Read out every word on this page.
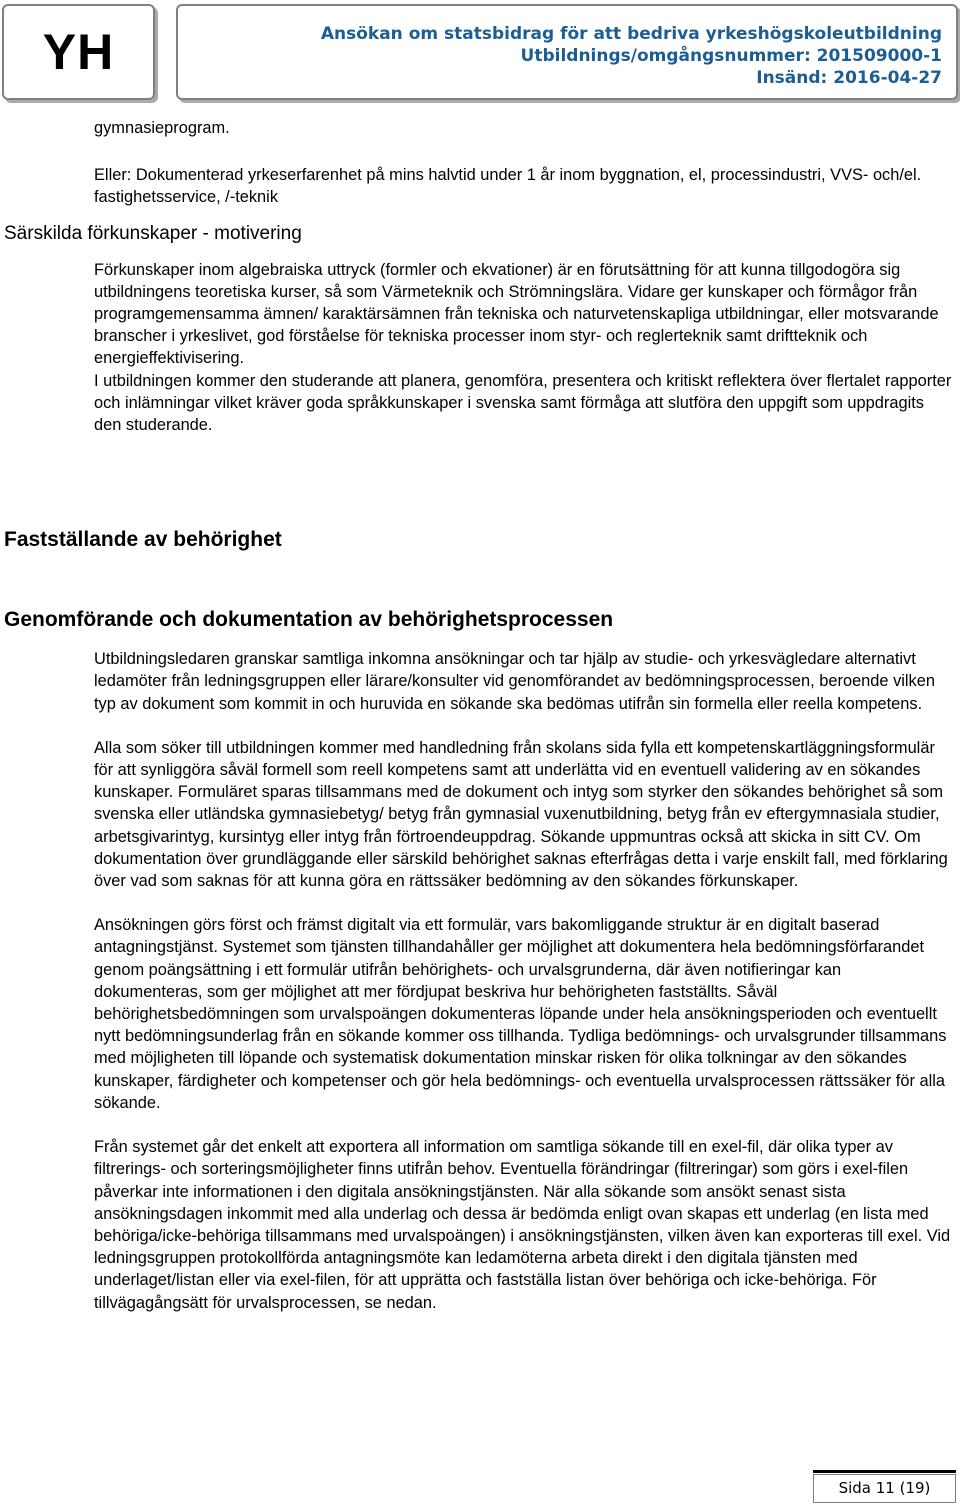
YH	Ansökan om statsbidrag för att bedriva yrkeshögskoleutbildning
Utbildnings/omgångsnummer: 201509000-1
Insänd: 2016-04-27

gymnasieprogram.

Eller: Dokumenterad yrkeserfarenhet på mins halvtid under 1 år inom byggnation, el, processindustri, VVS- och/el. fastighetsservice, /-teknik

Särskilda förkunskaper - motivering

Förkunskaper inom algebraiska uttryck (formler och ekvationer) är en förutsättning för att kunna tillgodogöra sig utbildningens teoretiska kurser, så som Värmeteknik och Strömningslära. Vidare ger kunskaper och förmågor från programgemensamma ämnen/ karaktärsämnen från tekniska och naturvetenskapliga utbildningar, eller motsvarande branscher i yrkeslivet, god förståelse för tekniska processer inom styr- och reglerteknik samt driftteknik och energieffektivisering.

I utbildningen kommer den studerande att planera, genomföra, presentera och kritiskt reflektera över flertalet rapporter och inlämningar vilket kräver goda språkkunskaper i svenska samt förmåga att slutföra den uppgift som uppdragits den studerande.

Fastställande av behörighet
Genomförande och dokumentation av behörighetsprocessen

Utbildningsledaren granskar samtliga inkomna ansökningar och tar hjälp av studie- och yrkesvägledare alternativt ledamöter från ledningsgruppen eller lärare/konsulter vid genomförandet av bedömningsprocessen, beroende vilken typ av dokument som kommit in och huruvida en sökande ska bedömas utifrån sin formella eller reella kompetens.

Alla som söker till utbildningen kommer med handledning från skolans sida fylla ett kompetenskartläggningsformulär för att synliggöra såväl formell som reell kompetens samt att underlätta vid en eventuell validering av en sökandes kunskaper. Formuläret sparas tillsammans med de dokument och intyg som styrker den sökandes behörighet så som svenska eller utländska gymnasiebetyg/ betyg från gymnasial vuxenutbildning, betyg från ev eftergymnasiala studier, arbetsgivarintyg, kursintyg eller intyg från förtroendeuppdrag. Sökande uppmuntras också att skicka in sitt CV. Om dokumentation över grundläggande eller särskild behörighet saknas efterfrågas detta i varje enskilt fall, med förklaring över vad som saknas för att kunna göra en rättssäker bedömning av den sökandes förkunskaper.

Ansökningen görs först och främst digitalt via ett formulär, vars bakomliggande struktur är en digitalt baserad antagningstjänst. Systemet som tjänsten tillhandahåller ger möjlighet att dokumentera hela bedömningsförfarandet genom poängsättning i ett formulär utifrån behörighets- och urvalsgrunderna, där även notifieringar kan dokumenteras, som ger möjlighet att mer fördjupat beskriva hur behörigheten fastställts. Såväl behörighetsbedömningen som urvalspoängen dokumenteras löpande under hela ansökningsperioden och eventuellt nytt bedömningsunderlag från en sökande kommer oss tillhanda. Tydliga bedömnings- och urvalsgrunder tillsammans med möjligheten till löpande och systematisk dokumentation minskar risken för olika tolkningar av den sökandes kunskaper, färdigheter och kompetenser och gör hela bedömnings- och eventuella urvalsprocessen rättssäker för alla sökande.

Från systemet går det enkelt att exportera all information om samtliga sökande till en exel-fil, där olika typer av filtrerings- och sorteringsmöjligheter finns utifrån behov. Eventuella förändringar (filtreringar) som görs i exel-filen påverkar inte informationen i den digitala ansökningstjänsten. När alla sökande som ansökt senast sista ansökningsdagen inkommit med alla underlag och dessa är bedömda enligt ovan skapas ett underlag (en lista med behöriga/icke-behöriga tillsammans med urvalspoängen) i ansökningstjänsten, vilken även kan exporteras till exel. Vid ledningsgruppen protokollförda antagningsmöte kan ledamöterna arbeta direkt i den digitala tjänsten med underlaget/listan eller via exel-filen, för att upprätta och fastställa listan över behöriga och icke-behöriga. För tillvägagångsätt för urvalsprocessen, se nedan.

Sida 11 (19)
